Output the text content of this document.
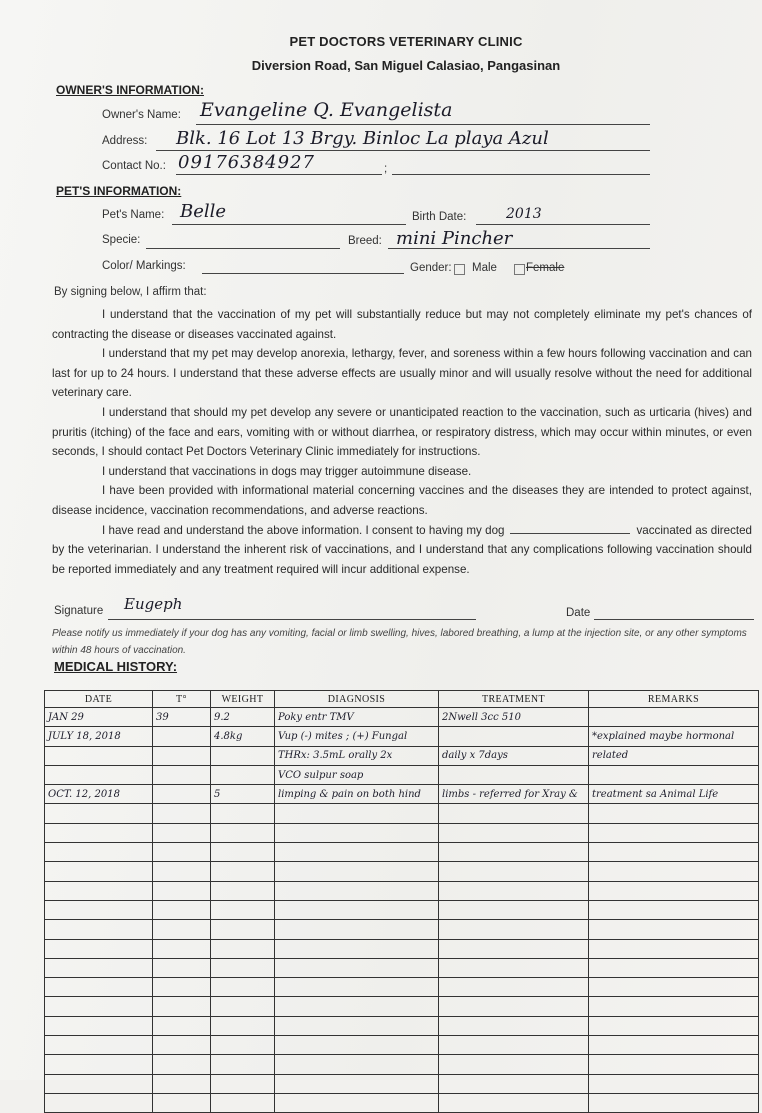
PET DOCTORS VETERINARY CLINIC
Diversion Road, San Miguel Calasiao, Pangasinan
OWNER'S INFORMATION:
Owner's Name: Evangeline Q. Evangelista
Address: Blk. 16 Lot 13 Brgy. Binloc La playa Azul
Contact No.:	;
09176384927
PET'S INFORMATION:
Pet's Name: Belle	Birth Date:	2013
Specie:	Breed: mini Pincher
Color/ Markings:	Gender: Male	Female
By signing below, I affirm that:

I understand that the vaccination of my pet will substantially reduce but may not completely eliminate my pet's chances of contracting the disease or diseases vaccinated against.

I understand that my pet may develop anorexia, lethargy, fever, and soreness within a few hours following vaccination and can last for up to 24 hours. I understand that these adverse effects are usually minor and will usually resolve without the need for additional veterinary care.

I understand that should my pet develop any severe or unanticipated reaction to the vaccination, such as urticaria (hives) and pruritis (itching) of the face and ears, vomiting with or without diarrhea, or respiratory distress, which may occur within minutes, or even seconds, I should contact Pet Doctors Veterinary Clinic immediately for instructions.

I understand that vaccinations in dogs may trigger autoimmune disease.

I have been provided with informational material concerning vaccines and the diseases they are intended to protect against, disease incidence, vaccination recommendations, and adverse reactions.

I have read and understand the above information. I consent to having my dog	vaccinated as directed by the veterinarian. I understand the inherent risk of vaccinations, and I understand that any complications following vaccination should be reported immediately and any treatment required will incur additional expense.

Signature Eugeph	Date
Please notify us immediately if your dog has any vomiting, facial or limb swelling, hives, labored breathing, a lump at the injection site, or any other symptoms within 48 hours of vaccination.
MEDICAL HISTORY:
DATE	T°	WEIGHT	DIAGNOSIS	TREATMENT	REMARKS
JAN 29	39	9.2	Poky entr TMV	2Nwell 3cc 510	
JULY 18, 2018		4.8kg	Vup (-) mites ; (+) Fungal		*explained maybe hormonal
			THRx: 3.5mL orally 2x	daily x 7days	related
			VCO sulpur soap		
OCT. 12, 2018		5	limping & pain on both hind	limbs - referred for Xray &	treatment sa Animal Life
